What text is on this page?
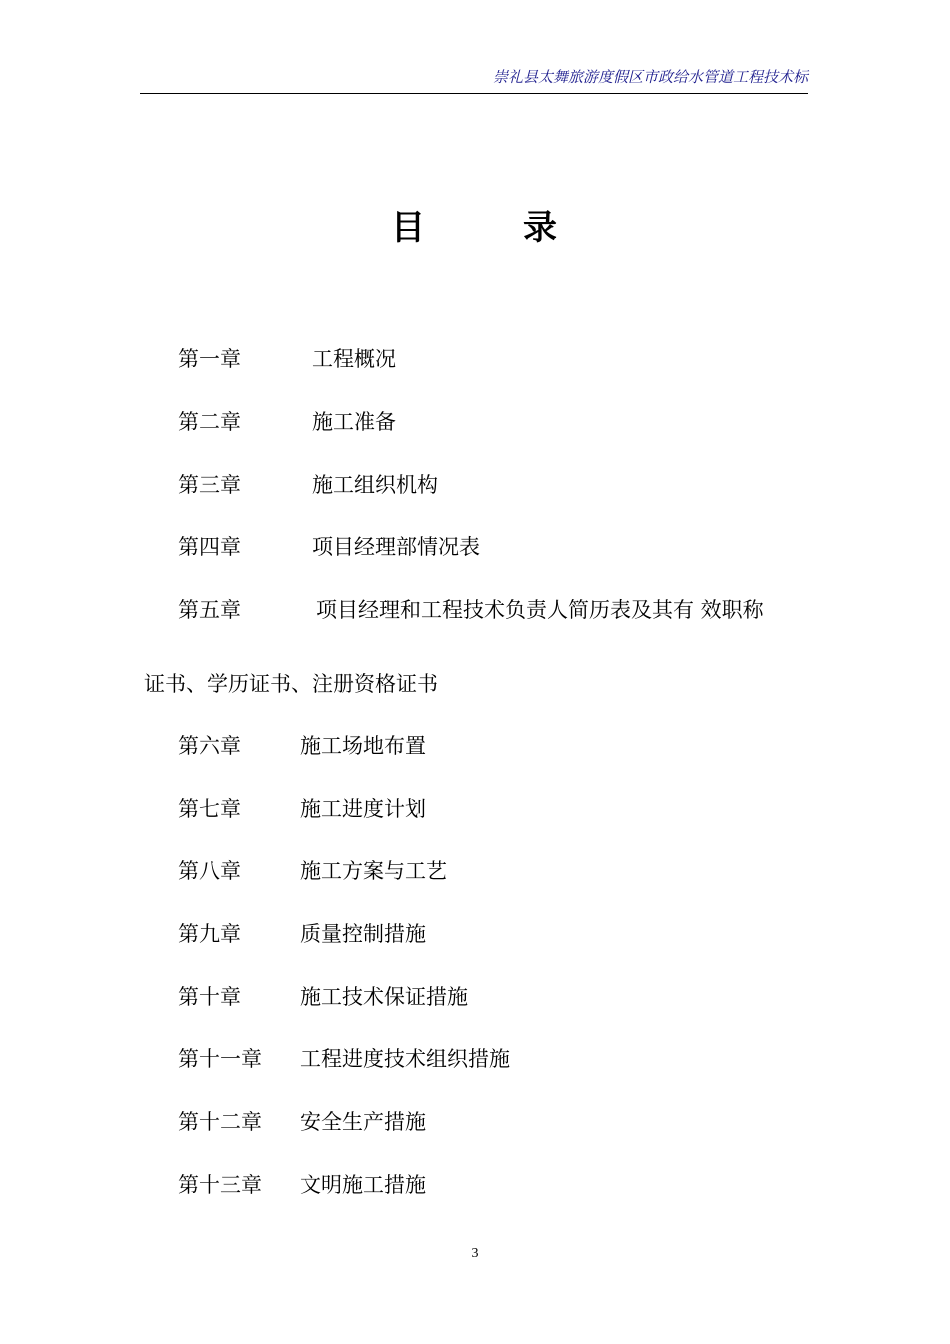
崇礼县太舞旅游度假区市政给水管道工程技术标
目	录
第一章	工程概况
第二章	施工准备
第三章	施工组织机构
第四章	项目经理部情况表
第五章	项目经理和工程技术负责人简历表及其有 效职称
证书、学历证书、注册资格证书
第六章	施工场地布置
第七章	施工进度计划
第八章	施工方案与工艺
第九章	质量控制措施
第十章	施工技术保证措施
第十一章 工程进度技术组织措施
第十二章 安全生产措施
第十三章 文明施工措施
3
